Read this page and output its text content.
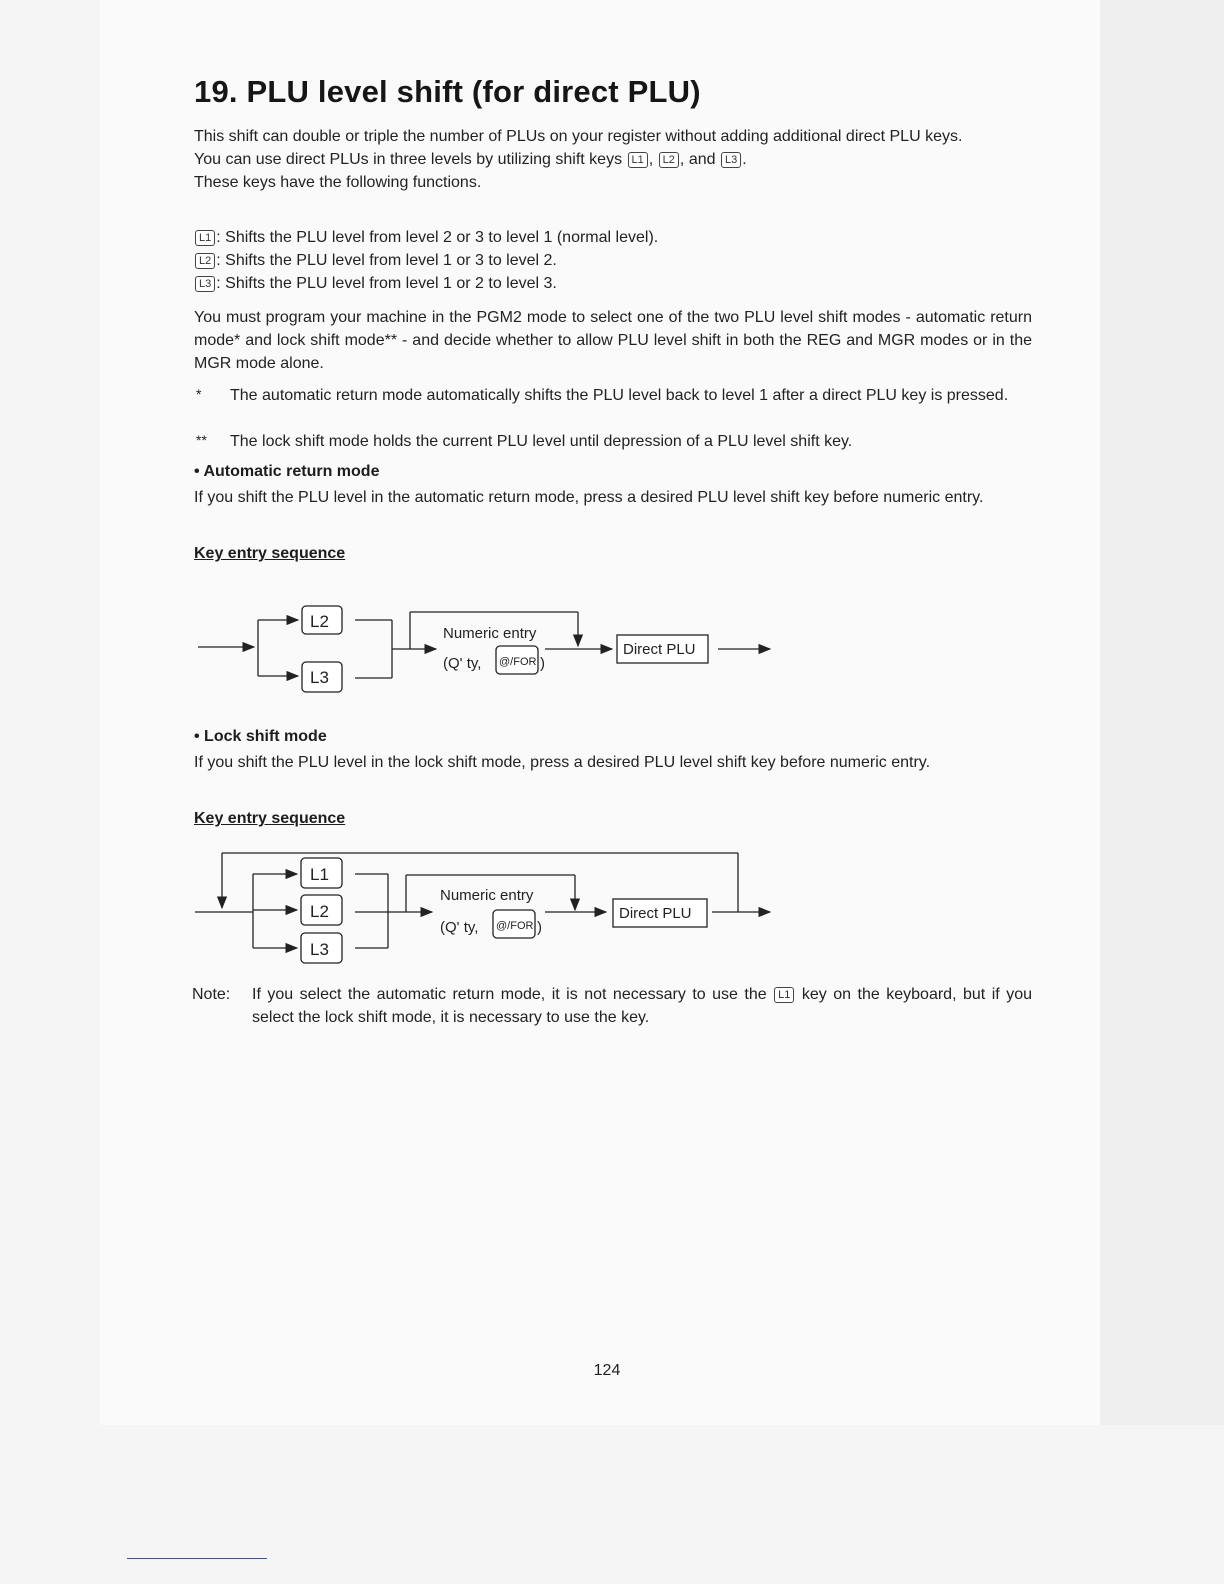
19. PLU level shift (for direct PLU)

This shift can double or triple the number of PLUs on your register without adding additional direct PLU keys.
You can use direct PLUs in three levels by utilizing shift keys L1 , L2 , and L3 .
These keys have the following functions.

L1 : Shifts the PLU level from level 2 or 3 to level 1 (normal level).
L2 : Shifts the PLU level from level 1 or 3 to level 2.
L3 : Shifts the PLU level from level 1 or 2 to level 3.

You must program your machine in the PGM2 mode to select one of the two PLU level shift modes - automatic return mode* and lock shift mode** - and decide whether to allow PLU level shift in both the REG and MGR modes or in the MGR mode alone.

* The automatic return mode automatically shifts the PLU level back to level 1 after a direct PLU key is pressed.

** The lock shift mode holds the current PLU level until depression of a PLU level shift key.

• Automatic return mode

If you shift the PLU level in the automatic return mode, press a desired PLU level shift key before numeric entry.

Key entry sequence
L2
L3
Numeric entry
(Q' ty, @/FOR )
Direct PLU
• Lock shift mode

If you shift the PLU level in the lock shift mode, press a desired PLU level shift key before numeric entry.

Key entry sequence
L1
L2
L3
Numeric entry
(Q' ty, @/FOR )
Direct PLU
Note:	If you select the automatic return mode, it is not necessary to use the L1 key on the keyboard, but if you select the lock shift mode, it is necessary to use the key.

124
